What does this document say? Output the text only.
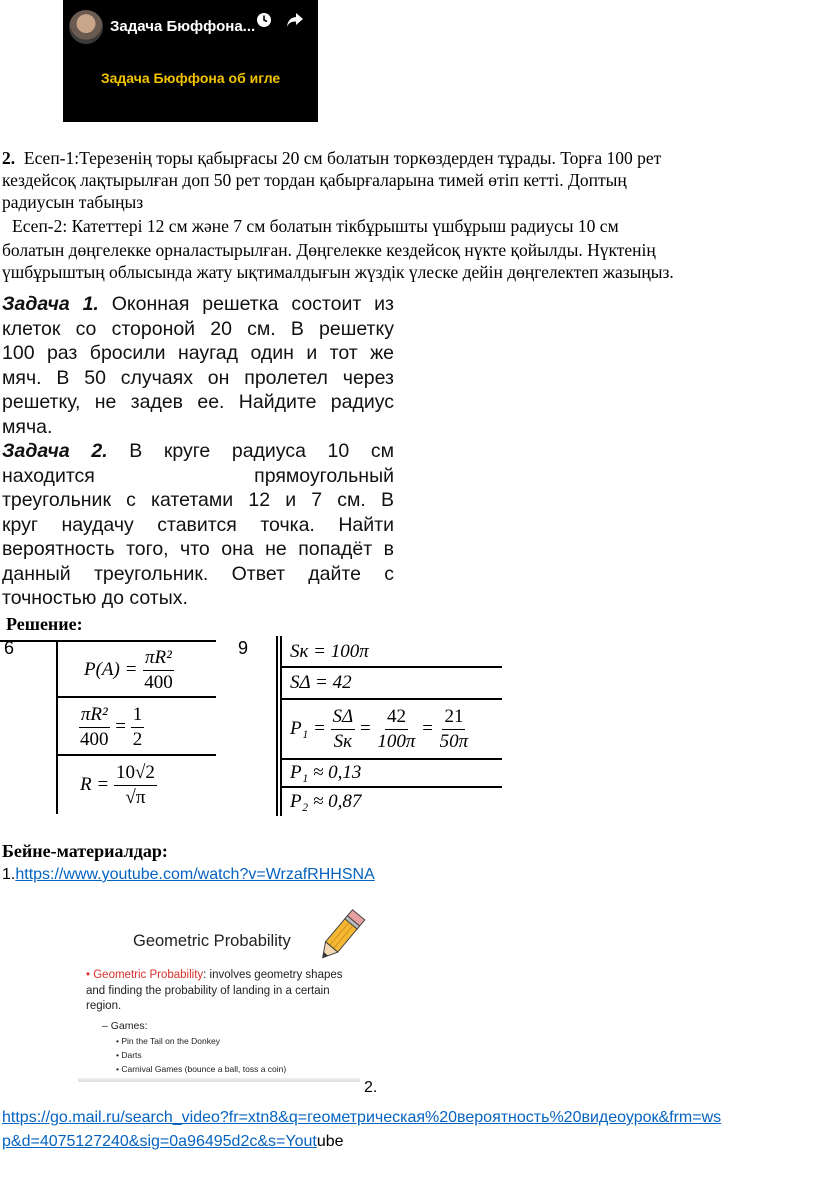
Задача Бюффона...
Задача Бюффона об игле
2. Есеп-1:Терезенің торы қабырғасы 20 см болатын торкөздерден тұрады. Торға 100 рет
кездейсоқ лақтырылған доп 50 рет тордан қабырғаларына тимей өтіп кетті. Доптың
радиусын табыңыз
Есеп-2: Катеттері 12 см және 7 см болатын тікбұрышты үшбұрыш радиусы 10 см
болатын дөңгелекке орналастырылған. Дөңгелекке кездейсоқ нүкте қойылды. Нүктенің
үшбұрыштың облысында жату ықтималдығын жүздік үлеске дейін дөңгелектеп жазыңыз.
Задача 1. Оконная решетка состоит из
клеток со стороной 20 см. В решетку
100 раз бросили наугад один и тот же
мяч. В 50 случаях он пролетел через
решетку, не задев ее. Найдите радиус
мяча.
Задача 2. В круге радиуса 10 см
находится прямоугольный
треугольник с катетами 12 и 7 см. В
круг наудачу ставится точка. Найти
вероятность того, что она не попадёт в
данный треугольник. Ответ дайте с
точностью до сотых.
Решение:
6
P(A) =
$\frac{\text{πR²}}{400}$
$\frac{\text{πR²}}{400}$
=
$\frac{1}{2}$
R =
$\frac{10√2}{√\pi}$
9 Sк = 100π
SΔ = 42
P₁ =
$\frac{S\Delta}{Sк} = \frac{42}{100\pi} = \frac{21}{50\pi}$
P₁ ≈ 0,13
P₂ ≈ 0,87
Бейне-материалдар:
1.https://www.youtube.com/watch?v=WrzafRHHSNA
Geometric Probability
• Geometric Probability: involves geometry shapes and finding the probability of landing in a certain region.
– Games:
• Pin the Tail on the Donkey
• Darts
• Carnival Games (bounce a ball, toss a coin)
2.
https://go.mail.ru/search_video?fr=xtn8&q=геометрическая%20вероятность%20видеоурок&frm=ws
p&d=4075127240&sig=0a96495d2c&s=Youtube
